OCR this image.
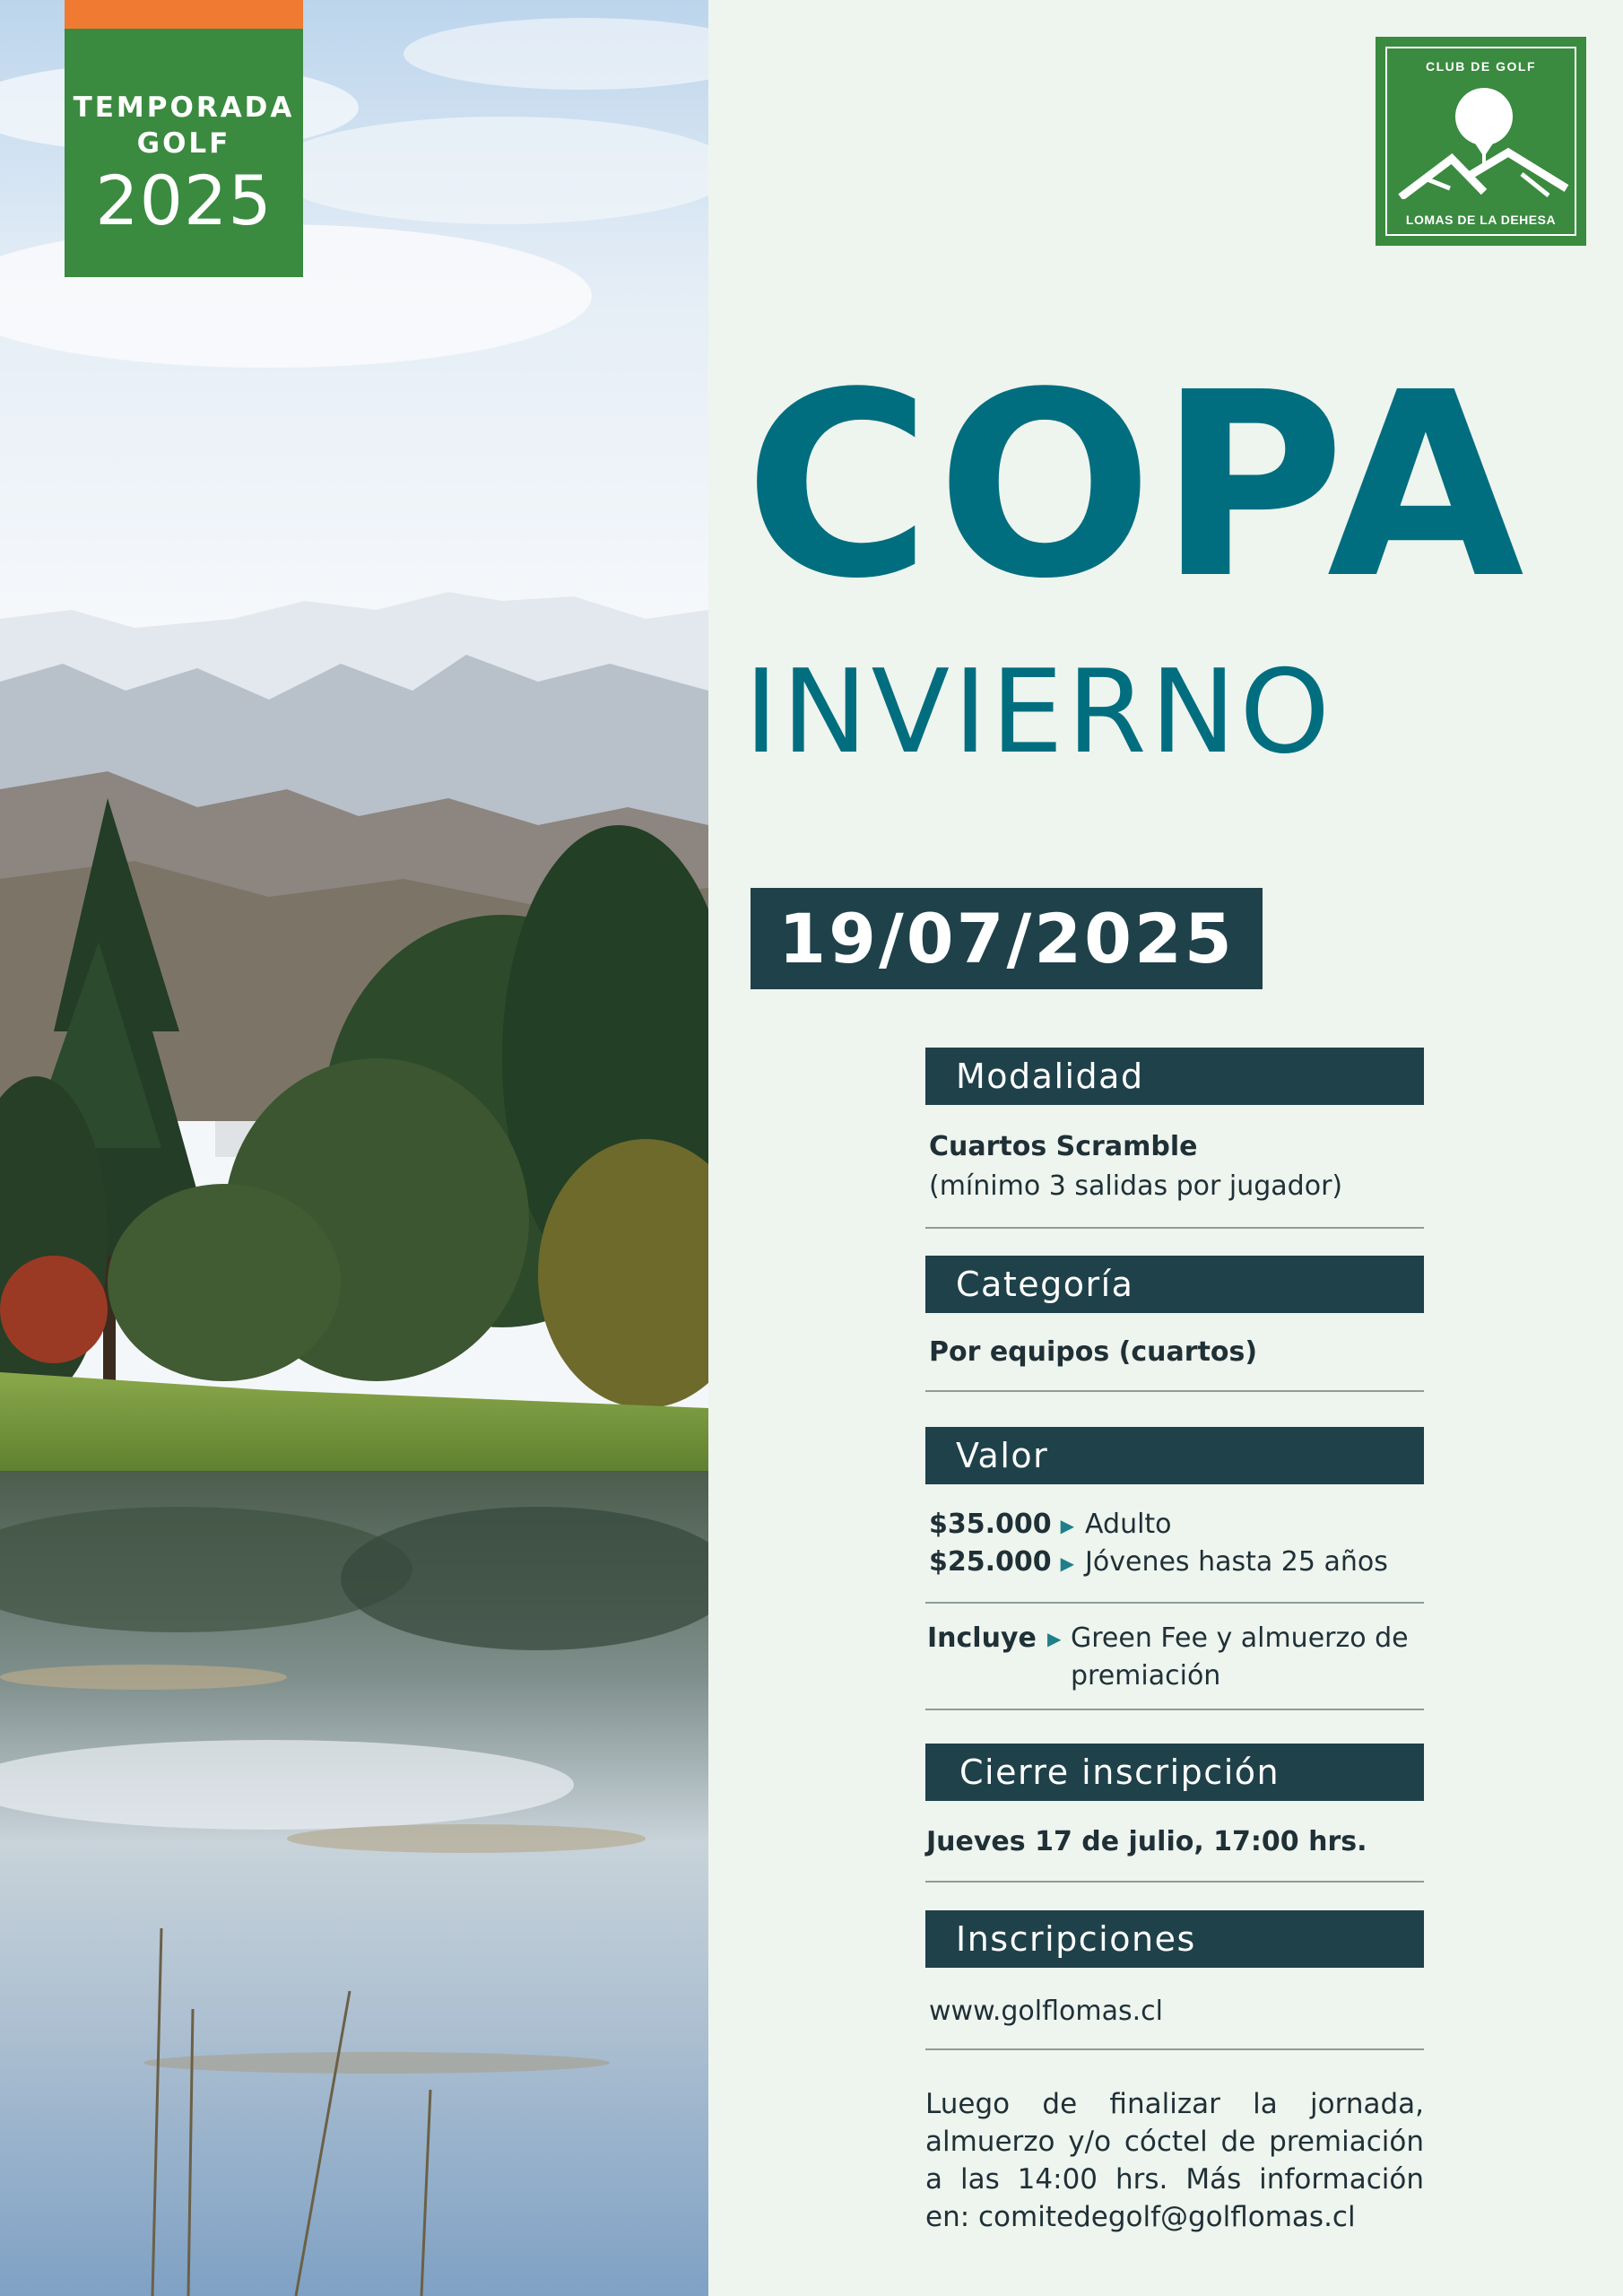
TEMPORADA
GOLF
2025
CLUB DE GOLF
LOMAS DE LA DEHESA
COPA
INVIERNO
19/07/2025
Modalidad
Cuartos Scramble
(mínimo 3 salidas por jugador)
Categoría
Por equipos (cuartos)
Valor
$35.000 ▶ Adulto
$25.000 ▶ Jóvenes hasta 25 años
Incluye ▶ Green Fee y almuerzo de premiación
Cierre inscripción
Jueves 17 de julio, 17:00 hrs.
Inscripciones
www.golflomas.cl

Luego de finalizar la jornada, almuerzo y/o cóctel de premiación a las 14:00 hrs. Más información en: comitedegolf@golflomas.cl
